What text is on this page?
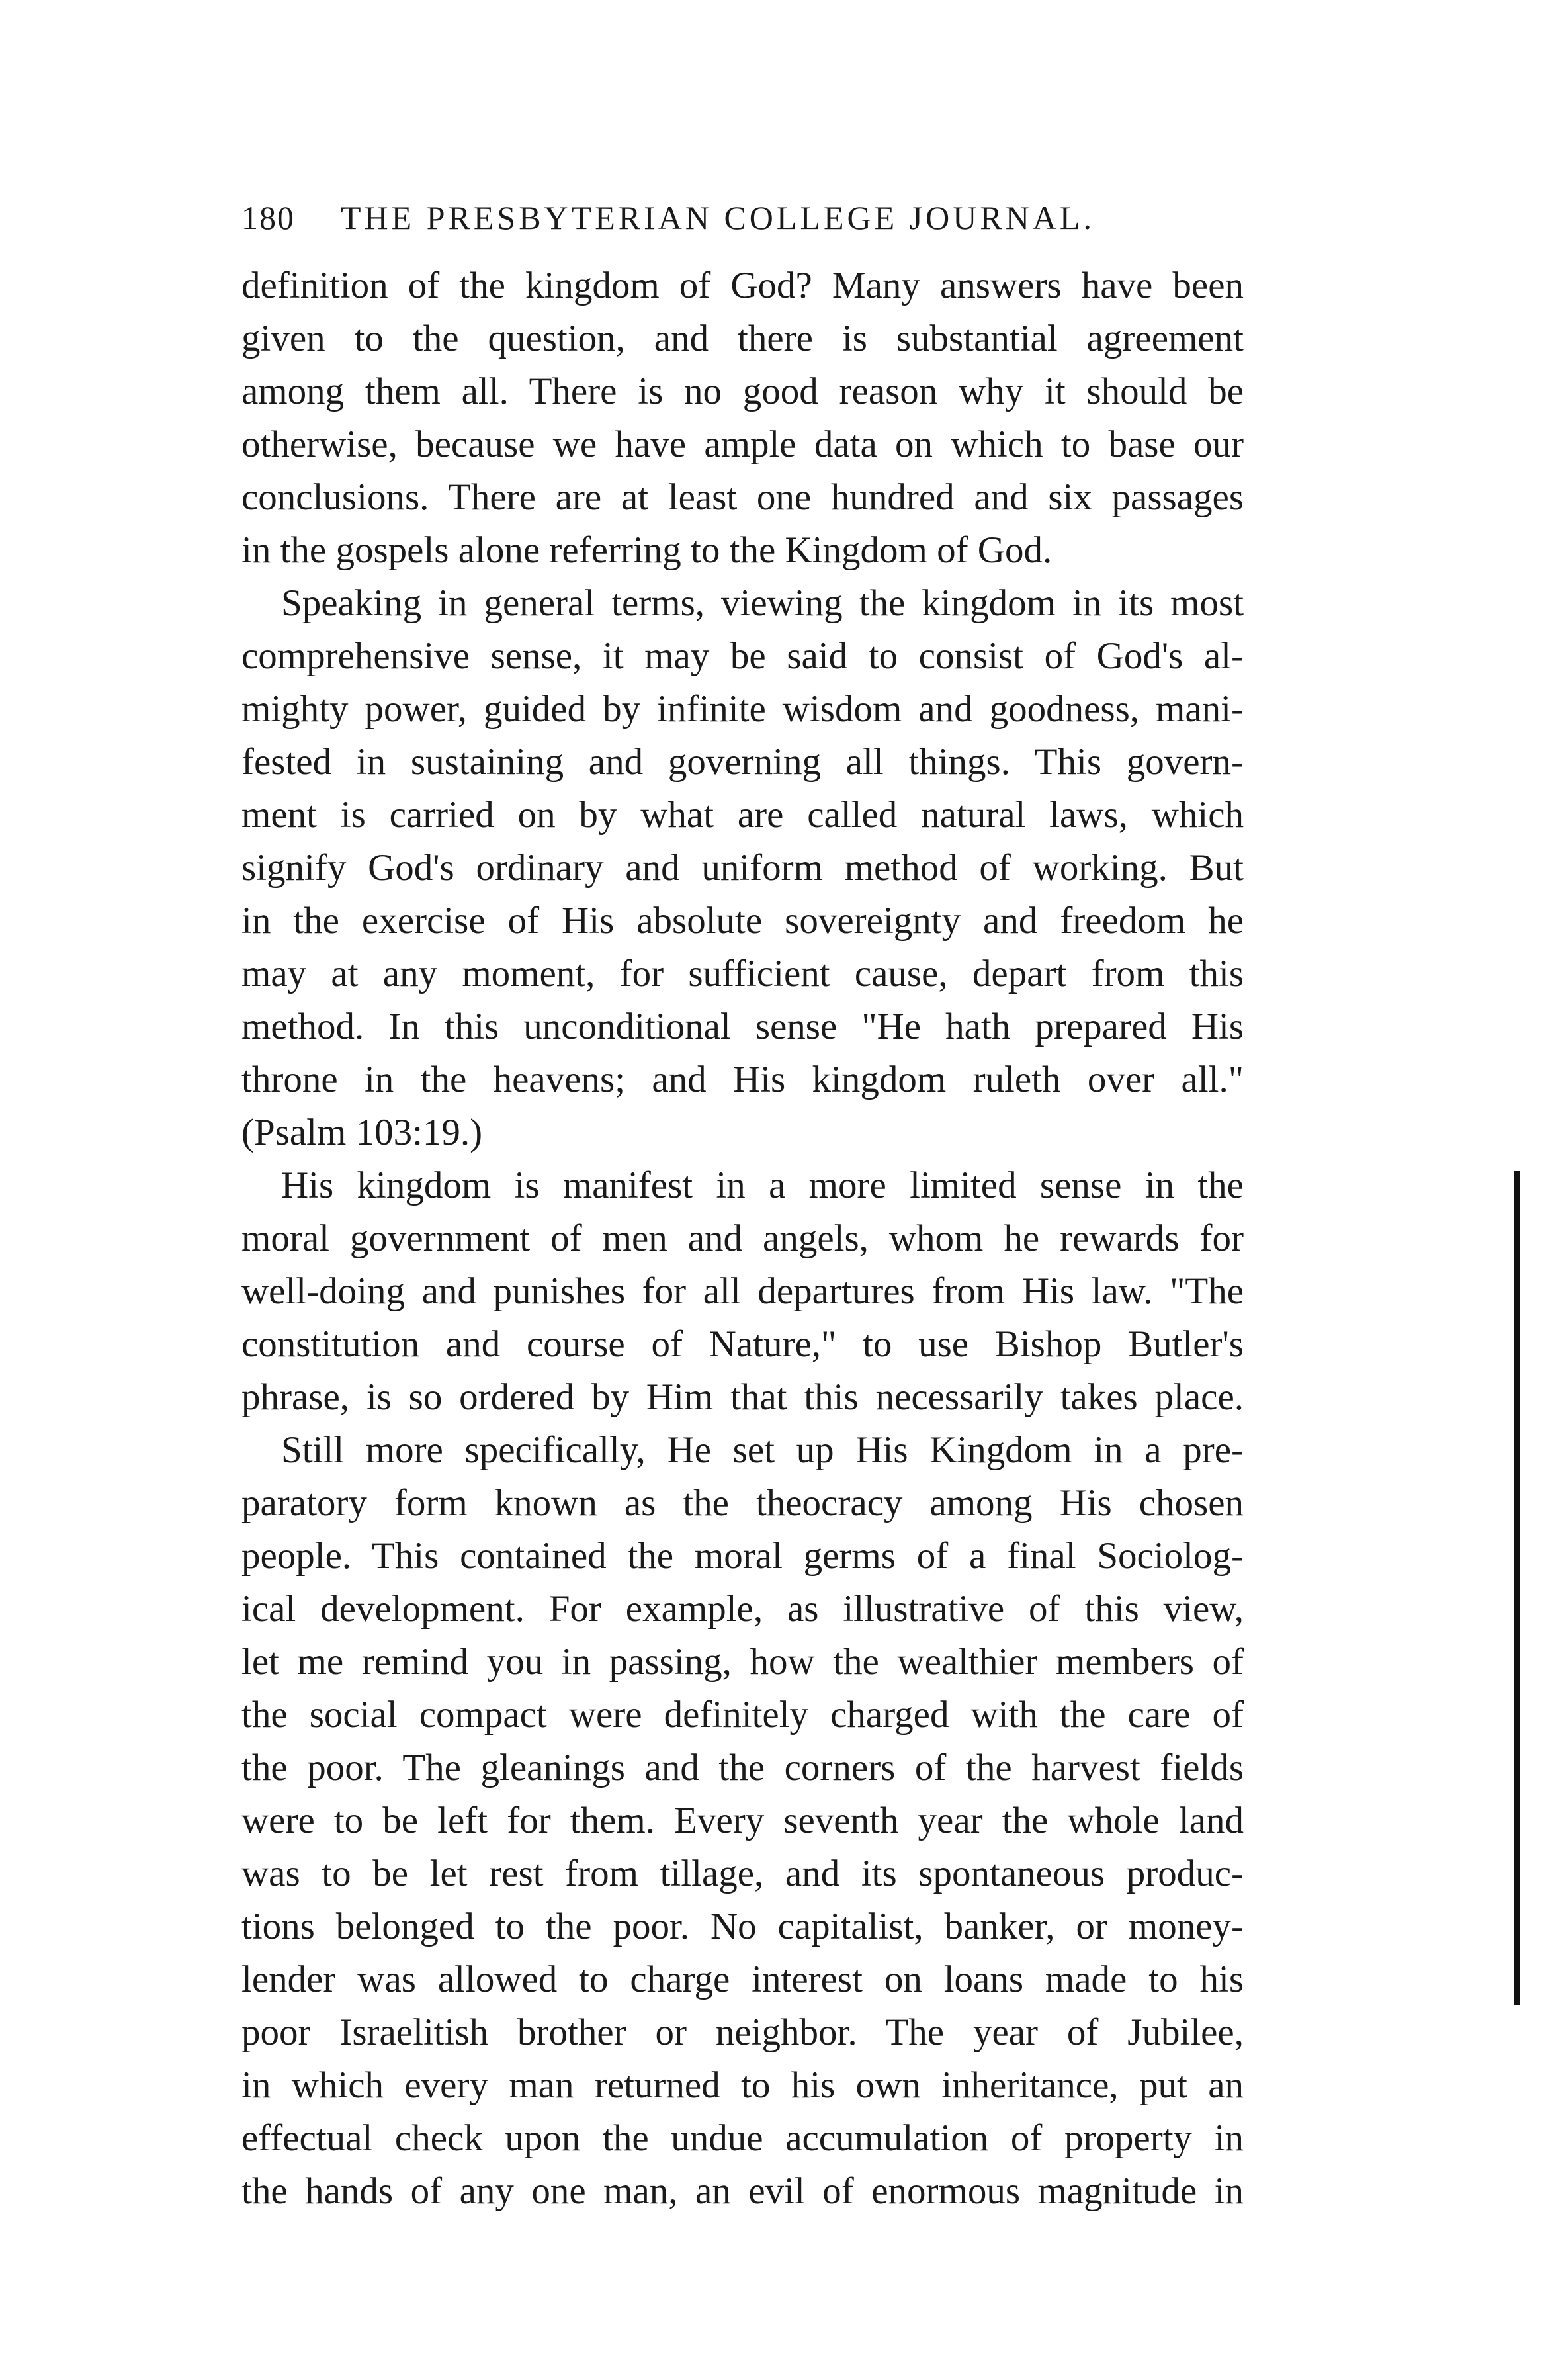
180 THE PRESBYTERIAN COLLEGE JOURNAL.
definition of the kingdom of God? Many answers have been
given to the question, and there is substantial agreement
among them all. There is no good reason why it should be
otherwise, because we have ample data on which to base our
conclusions. There are at least one hundred and six passages
in the gospels alone referring to the Kingdom of God.
Speaking in general terms, viewing the kingdom in its most
comprehensive sense, it may be said to consist of God's al-
mighty power, guided by infinite wisdom and goodness, mani-
fested in sustaining and governing all things. This govern-
ment is carried on by what are called natural laws, which
signify God's ordinary and uniform method of working. But
in the exercise of His absolute sovereignty and freedom he
may at any moment, for sufficient cause, depart from this
method. In this unconditional sense "He hath prepared His
throne in the heavens; and His kingdom ruleth over all."
(Psalm 103:19.)
His kingdom is manifest in a more limited sense in the
moral government of men and angels, whom he rewards for
well-doing and punishes for all departures from His law. "The
constitution and course of Nature," to use Bishop Butler's
phrase, is so ordered by Him that this necessarily takes place.
Still more specifically, He set up His Kingdom in a pre-
paratory form known as the theocracy among His chosen
people. This contained the moral germs of a final Sociolog-
ical development. For example, as illustrative of this view,
let me remind you in passing, how the wealthier members of
the social compact were definitely charged with the care of
the poor. The gleanings and the corners of the harvest fields
were to be left for them. Every seventh year the whole land
was to be let rest from tillage, and its spontaneous produc-
tions belonged to the poor. No capitalist, banker, or money-
lender was allowed to charge interest on loans made to his
poor Israelitish brother or neighbor. The year of Jubilee,
in which every man returned to his own inheritance, put an
effectual check upon the undue accumulation of property in
the hands of any one man, an evil of enormous magnitude in
